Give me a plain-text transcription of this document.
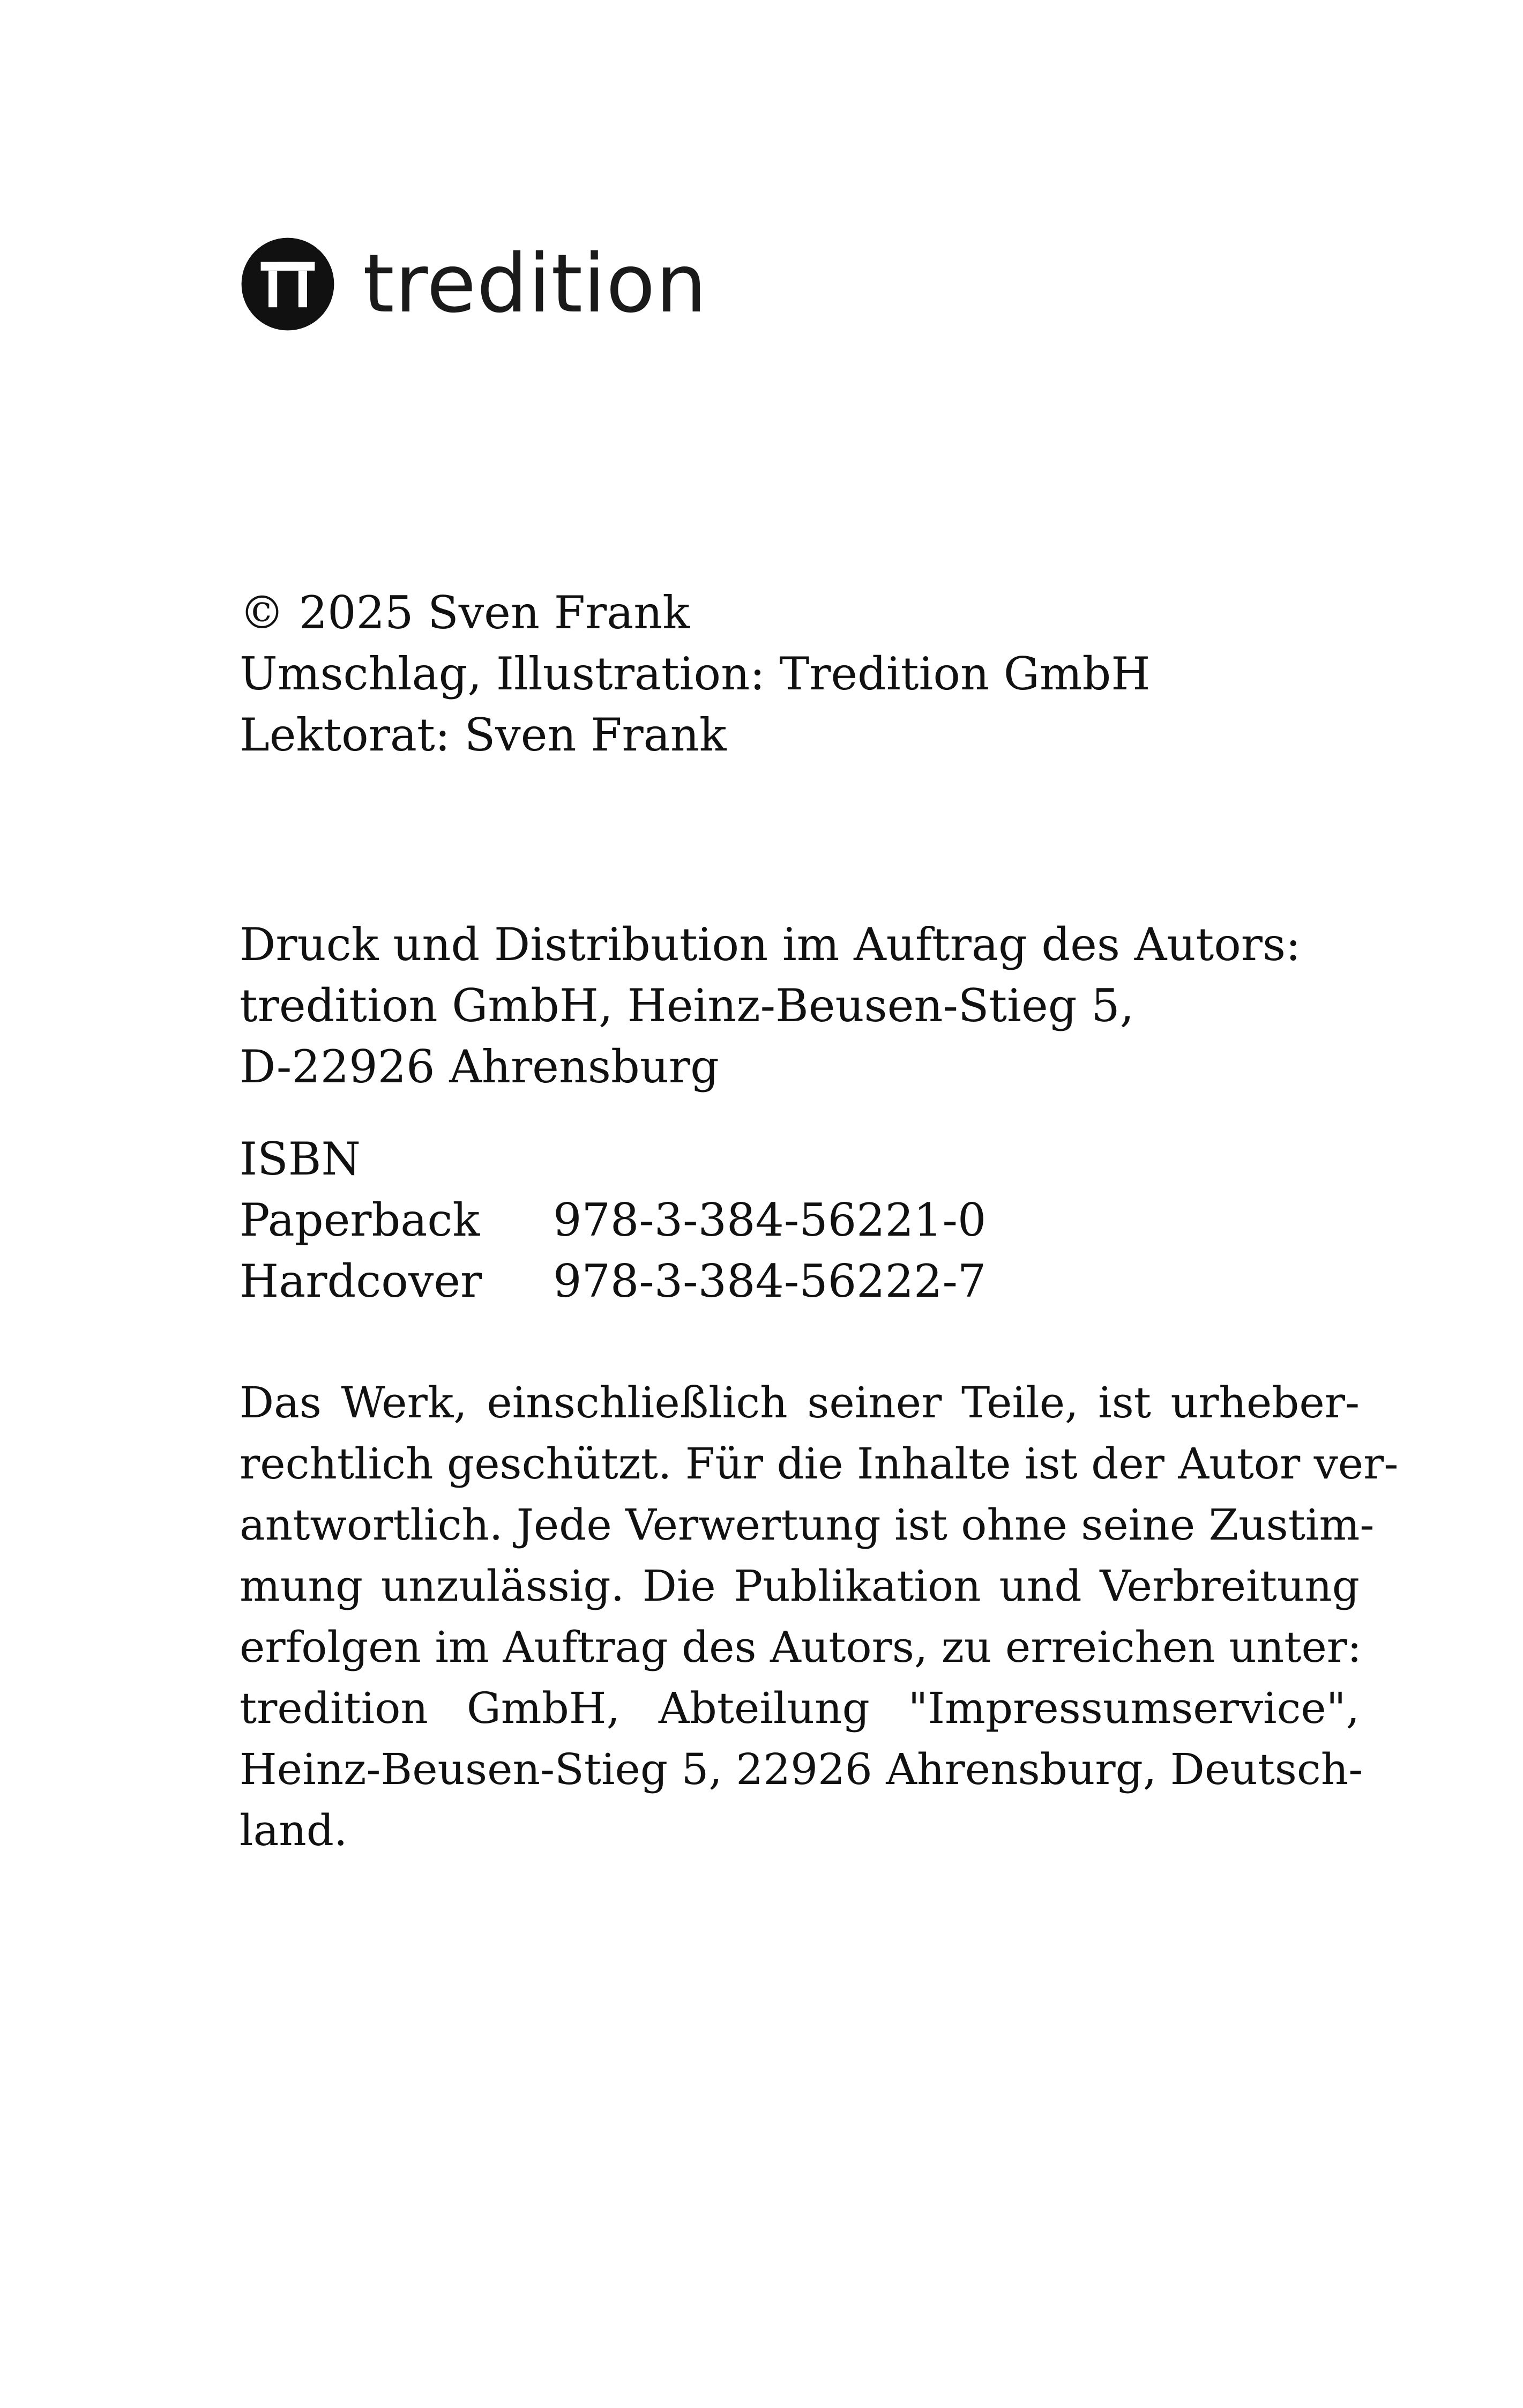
tredition
© 2025 Sven Frank
Umschlag, Illustration: Tredition GmbH
Lektorat: Sven Frank
Druck und Distribution im Auftrag des Autors:
tredition GmbH, Heinz-Beusen-Stieg 5,
D-22926 Ahrensburg
ISBN
Paperback	978-3-384-56221-0
Hardcover	978-3-384-56222-7
Das Werk, einschließlich seiner Teile, ist urheber-
rechtlich geschützt. Für die Inhalte ist der Autor ver-
antwortlich. Jede Verwertung ist ohne seine Zustim-
mung unzulässig. Die Publikation und Verbreitung
erfolgen im Auftrag des Autors, zu erreichen unter:
tredition GmbH, Abteilung "Impressumservice",
Heinz-Beusen-Stieg 5, 22926 Ahrensburg, Deutsch-
land.
